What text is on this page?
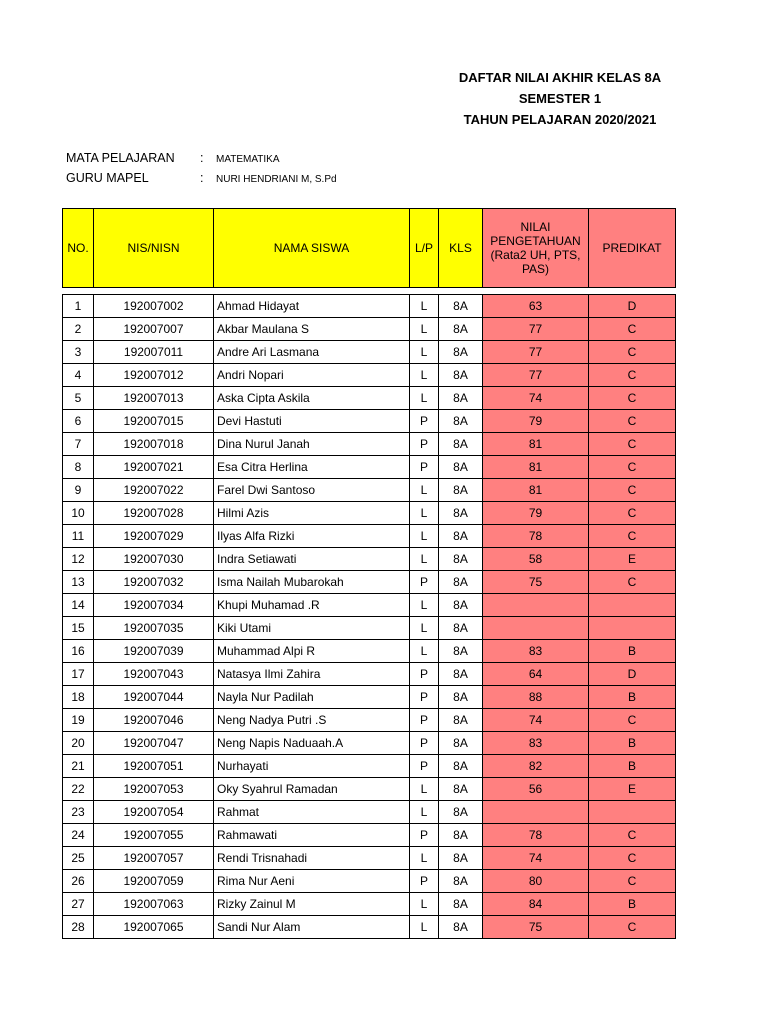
DAFTAR NILAI AKHIR KELAS 8A
SEMESTER 1
TAHUN PELAJARAN 2020/2021
MATA PELAJARAN : MATEMATIKA
GURU MAPEL	: NURI HENDRIANI M, S.Pd
NO.	NIS/NISN	NAMA SISWA	L/P	KLS	NILAI PENGETAHUAN (Rata2 UH, PTS, PAS)	PREDIKAT

1	192007002	Ahmad Hidayat	L	8A	63	D
2	192007007	Akbar Maulana S	L	8A	77	C
3	192007011	Andre Ari Lasmana	L	8A	77	C
4	192007012	Andri Nopari	L	8A	77	C
5	192007013	Aska Cipta Askila	L	8A	74	C
6	192007015	Devi Hastuti	P	8A	79	C
7	192007018	Dina Nurul Janah	P	8A	81	C
8	192007021	Esa Citra Herlina	P	8A	81	C
9	192007022	Farel Dwi Santoso	L	8A	81	C
10	192007028	Hilmi Azis	L	8A	79	C
11	192007029	Ilyas Alfa Rizki	L	8A	78	C
12	192007030	Indra Setiawati	L	8A	58	E
13	192007032	Isma Nailah Mubarokah	P	8A	75	C
14	192007034	Khupi Muhamad .R	L	8A		
15	192007035	Kiki Utami	L	8A		
16	192007039	Muhammad Alpi R	L	8A	83	B
17	192007043	Natasya Ilmi Zahira	P	8A	64	D
18	192007044	Nayla Nur Padilah	P	8A	88	B
19	192007046	Neng Nadya Putri .S	P	8A	74	C
20	192007047	Neng Napis Naduaah.A	P	8A	83	B
21	192007051	Nurhayati	P	8A	82	B
22	192007053	Oky Syahrul Ramadan	L	8A	56	E
23	192007054	Rahmat	L	8A		
24	192007055	Rahmawati	P	8A	78	C
25	192007057	Rendi Trisnahadi	L	8A	74	C
26	192007059	Rima Nur Aeni	P	8A	80	C
27	192007063	Rizky Zainul M	L	8A	84	B
28	192007065	Sandi Nur Alam	L	8A	75	C
